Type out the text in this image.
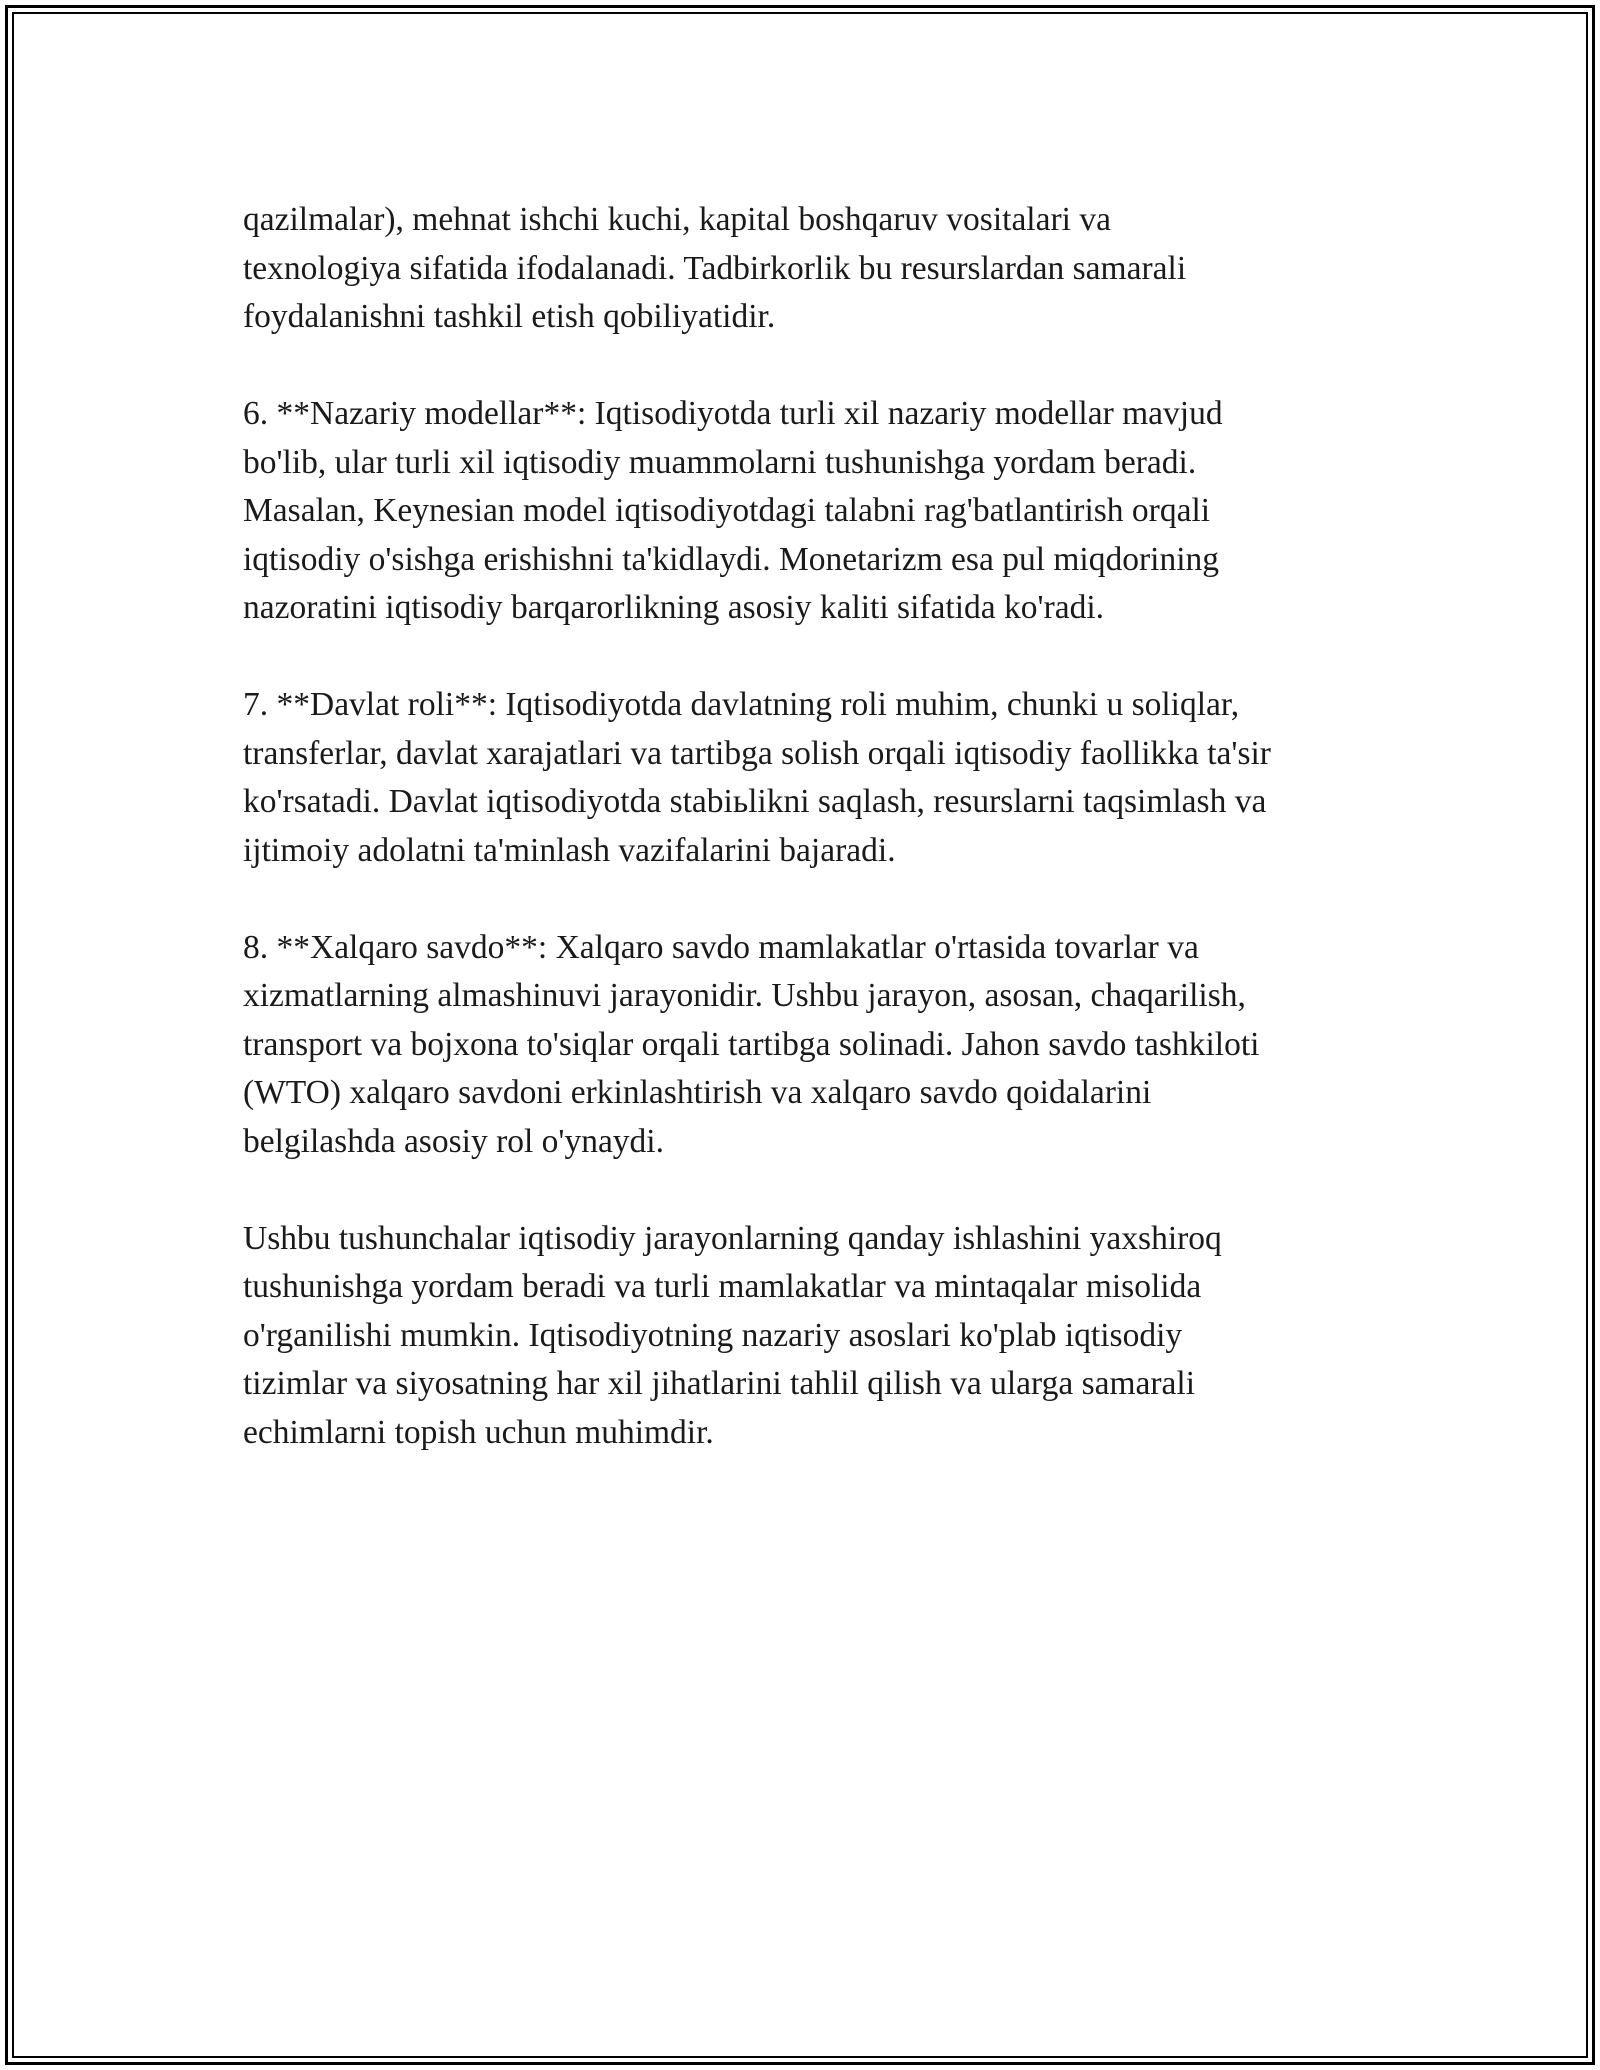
qazilmalar), mehnat ishchi kuchi, kapital boshqaruv vositalari va
texnologiya sifatida ifodalanadi. Tadbirkorlik bu resurslardan samarali
foydalanishni tashkil etish qobiliyatidir.

6. **Nazariy modellar**: Iqtisodiyotda turli xil nazariy modellar mavjud
bo'lib, ular turli xil iqtisodiy muammolarni tushunishga yordam beradi.
Masalan, Keynesian model iqtisodiyotdagi talabni rag'batlantirish orqali
iqtisodiy o'sishga erishishni ta'kidlaydi. Monetarizm esa pul miqdorining
nazoratini iqtisodiy barqarorlikning asosiy kaliti sifatida ko'radi.

7. **Davlat roli**: Iqtisodiyotda davlatning roli muhim, chunki u soliqlar,
transferlar, davlat xarajatlari va tartibga solish orqali iqtisodiy faollikka ta'sir
ko'rsatadi. Davlat iqtisodiyotda stabiьlikni saqlash, resurslarni taqsimlash va
ijtimoiy adolatni ta'minlash vazifalarini bajaradi.

8. **Xalqaro savdo**: Xalqaro savdo mamlakatlar o'rtasida tovarlar va
xizmatlarning almashinuvi jarayonidir. Ushbu jarayon, asosan, chaqarilish,
transport va bojxona to'siqlar orqali tartibga solinadi. Jahon savdo tashkiloti
(WTO) xalqaro savdoni erkinlashtirish va xalqaro savdo qoidalarini
belgilashda asosiy rol o'ynaydi.

Ushbu tushunchalar iqtisodiy jarayonlarning qanday ishlashini yaxshiroq
tushunishga yordam beradi va turli mamlakatlar va mintaqalar misolida
o'rganilishi mumkin. Iqtisodiyotning nazariy asoslari ko'plab iqtisodiy
tizimlar va siyosatning har xil jihatlarini tahlil qilish va ularga samarali
echimlarni topish uchun muhimdir.
